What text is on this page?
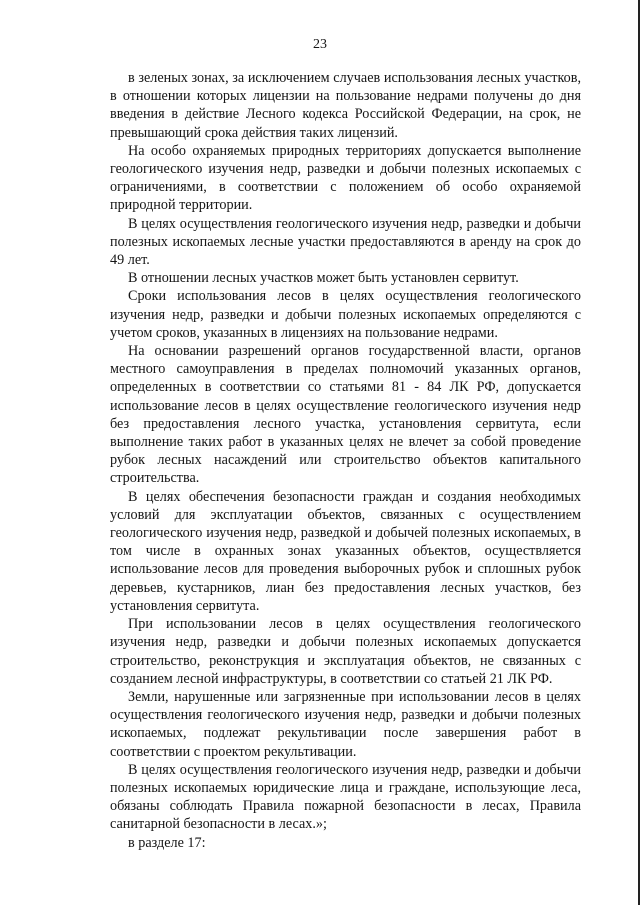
23

в зеленых зонах, за исключением случаев использования лесных участков, в отношении которых лицензии на пользование недрами получены до дня введения в действие Лесного кодекса Российской Федерации, на срок, не превышающий срока действия таких лицензий.

На особо охраняемых природных территориях допускается выполнение геологического изучения недр, разведки и добычи полезных ископаемых с ограничениями, в соответствии с положением об особо охраняемой природной территории.

В целях осуществления геологического изучения недр, разведки и добычи полезных ископаемых лесные участки предоставляются в аренду на срок до 49 лет.

В отношении лесных участков может быть установлен сервитут.

Сроки использования лесов в целях осуществления геологического изучения недр, разведки и добычи полезных ископаемых определяются с учетом сроков, указанных в лицензиях на пользование недрами.

На основании разрешений органов государственной власти, органов местного самоуправления в пределах полномочий указанных органов, определенных в соответствии со статьями 81 - 84 ЛК РФ, допускается использование лесов в целях осуществление геологического изучения недр без предоставления лесного участка, установления сервитута, если выполнение таких работ в указанных целях не влечет за собой проведение рубок лесных насаждений или строительство объектов капитального строительства.

В целях обеспечения безопасности граждан и создания необходимых условий для эксплуатации объектов, связанных с осуществлением геологического изучения недр, разведкой и добычей полезных ископаемых, в том числе в охранных зонах указанных объектов, осуществляется использование лесов для проведения выборочных рубок и сплошных рубок деревьев, кустарников, лиан без предоставления лесных участков, без установления сервитута.

При использовании лесов в целях осуществления геологического изучения недр, разведки и добычи полезных ископаемых допускается строительство, реконструкция и эксплуатация объектов, не связанных с созданием лесной инфраструктуры, в соответствии со статьей 21 ЛК РФ.

Земли, нарушенные или загрязненные при использовании лесов в целях осуществления геологического изучения недр, разведки и добычи полезных ископаемых, подлежат рекультивации после завершения работ в соответствии с проектом рекультивации.

В целях осуществления геологического изучения недр, разведки и добычи полезных ископаемых юридические лица и граждане, использующие леса, обязаны соблюдать Правила пожарной безопасности в лесах, Правила санитарной безопасности в лесах.»;

в разделе 17:
